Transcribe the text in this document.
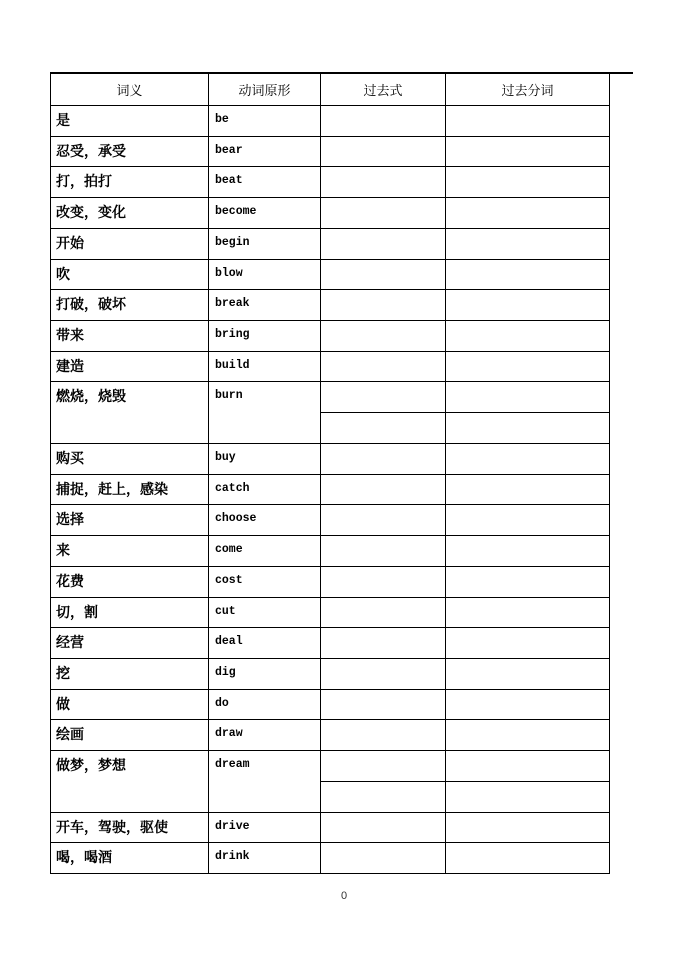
词义	动词原形	过去式	过去分词
是	be		
忍受，承受	bear		
打，拍打	beat		
改变，变化	become		
开始	begin		
吹	blow		
打破，破坏	break		
带来	bring		
建造	build		
燃烧，烧毁	burn		

购买	buy		
捕捉，赶上，感染	catch		
选择	choose		
来	come		
花费	cost		
切，割	cut		
经营	deal		
挖	dig		
做	do		
绘画	draw		
做梦，梦想	dream		

开车，驾驶，驱使	drive		
喝，喝酒	drink		
0
